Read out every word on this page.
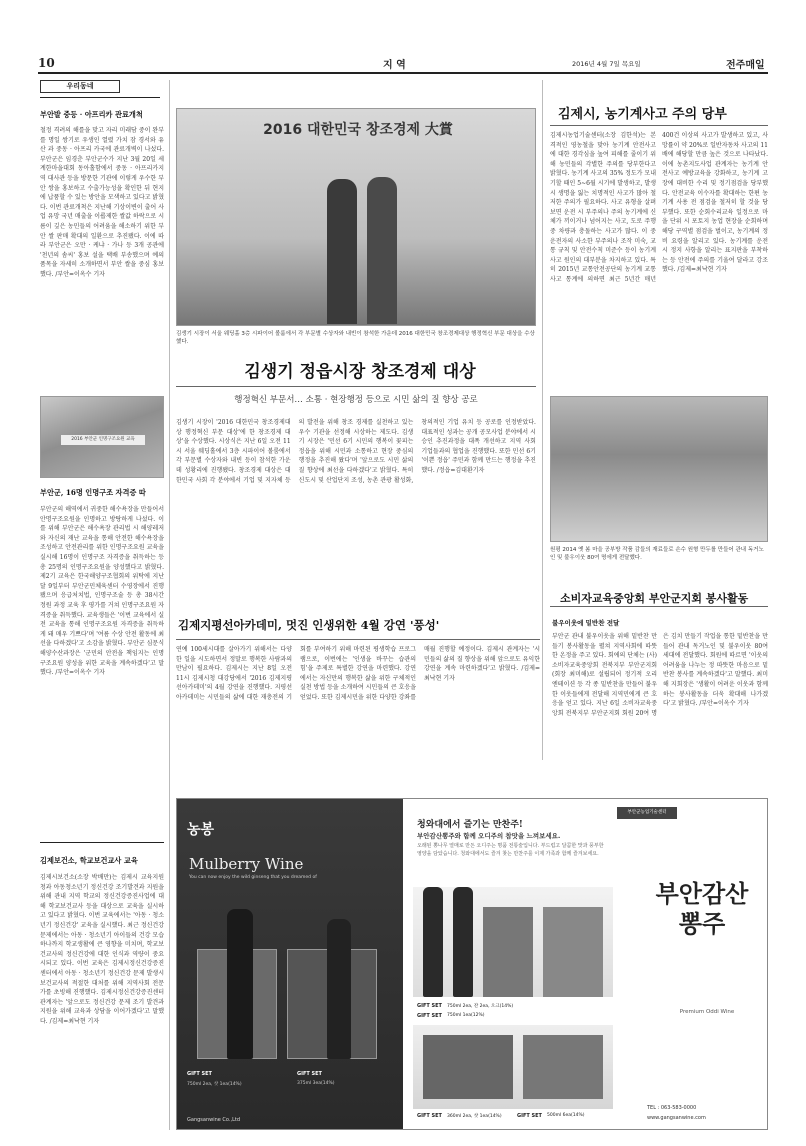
10	지 역	2016년 4월 7일 목요일	전주매일
우리동네
부안발 중등 · 아프리카 관료개척
철정 격려의 해를을 맞고 자리 미래담 중이 완부를 명일 쌍기로 우생인 열렸 가치 잠 경서와 유산 과 중동 · 아프리 카국에 관료개벽이 나섰다. 부안군은 임경춘 부안군수가 지난 3월 20일 세계한마을대회 동아홀함에서 중동 · 아프리카지역 대사관 등을 방문한 기관에 이렇게 우수한 부안 쌍을 홍보하고 수출가능성을 확인한 뒤 현지에 납품할 수 있는 방안을 모색하고 있다고 밝혔다. 이번 관료개척은 지난해 기상이변이 출어 사업 유망 국년 매출을 이룹제한 쌀값 하락으로 시름이 깊은 농민들의 어려움을 해소하기 위한 부안 쌀 판매 확대의 일환으로 추진됐다. 이에 따라 부안군은 오만 · 케냐 · 가나 등 3개 공관에 '천년의 솜씨' 홍보 설을 택배 부송했으며 예의품목을 자세히 소개하면서 부안 쌀을 중심 홍보했다. /부안=이옥수 기자
2016 부안군 인명구조요원 교육
부안군, 16명 인명구조 자격증 따
부안군의 해역에서 귀중한 해수욕장을 만들어서 안명구조요원을 인명하고 방탕하게 나섰다. 이를 위해 부안군은 해수욕장 관리법 시 해양레저와 자신의 재난 교육을 통해 안전한 해수욕장을 조성하고 안전관리를 위한 인명구조요원 교육을 실시해 16명이 인명구조 자격증을 취득하는 등 총 25명의 인명구조요원을 양성했다고 밝혔다. 제2기 교육은 한국해양구조협회의 위탁에 지난달 9일부터 부안군민체육센터 수영장에서 진행됐으며 응급처치법, 인명구조술 등 총 38시간 정원 과정 교육 후 평가를 거쳐 인명구조요원 자격증을 취득했다. 교육생들은 '이번 교육에서 실전 교육을 통해 인명구조요원 자격증을 취득하게 돼 매우 기쁘다'며 '여름 수상 안전 활동에 최선을 다하겠다'고 소감을 밝혔다. 부안군 심문식 해양수산과장은 '군민의 안전을 책임지는 인명구조요원 양성을 위한 교육을 계속하겠다'고 말했다. /부안=이옥수 기자
김제보건소, 학교보건교사 교육
김제시보건소(소장 박배만)는 김제시 교육지원청과 아동청소년기 정신건강 조기발견과 지원을 위해 관내 지역 학교의 정신건강증진사업에 대해 학교보건교사 등을 대상으로 교육을 실시하고 있다고 밝혔다. 이번 교육에서는 '아동 · 청소년기 정신건강' 교육을 실시했다. 최근 정신건강문제에서는 아동 · 청소년기 아이들의 건강 모습 하나까지 학교생활에 큰 영향을 미치며, 학교보건교사의 정신건강에 대한 인식과 역량이 중요시되고 있다. 이번 교육은 김제시정신건강증진센터에서 아동 · 청소년기 정신건강 문제 발생시 보건교사의 적절한 대처를 위해 지역사회 전문가를 초빙해 진행했다. 김제시정신건강증진센터 관계자는 '앞으로도 정신건강 문제 조기 발견과 지원을 위해 교육과 상담을 이어가겠다'고 말했다. /김제=최낙현 기자
2016 대한민국 창조경제 大賞
김생기 시장이 서울 웨딩홀 3층 시파이어 볼룸에서 각 부문별 수상자와 내빈이 참석한 가운데 2016 대한민국 창조경제대상 행정혁신 부문 대상을 수상했다.
김생기 정읍시장 창조경제 대상
행정혁신 부문서… 소통 · 현장행정 등으로 시민 삶의 질 향상 공로
김생기 시장이 '2016 대한민국 창조경제대상 행정혁신 부문 대상'에 한 창조경제 대상'을 수상했다. 시상식은 지난 6일 오전 11시 서울 웨딩홀에서 3층 시파이어 볼룸에서 각 부문별 수상자와 내빈 등이 참석한 가운데 성황리에 진행됐다. 창조경제 대상은 대한민국 사회 각 분야에서 기업 및 지자체 등의 발전을 위해 창조 경제를 실천하고 있는 우수 기관을 선정해 시상하는 제도다. 김생기 시장은 '민선 6기 시민의 행복이 꽃피는 정읍을 위해 시민과 소통하고 현장 중심의 행정을 추진해 왔다'며 '앞으로도 시민 삶의 질 향상에 최선을 다하겠다'고 밝혔다. 특히 신도시 및 산업단지 조성, 농촌 관광 활성화, 창의적인 기업 유치 등 공로를 인정받았다. 대표적인 성과는 공개 공모사업 분야에서 시 승인 추진과정을 대폭 개선하고 지역 사회 기업들과의 협업을 진행했다. 또한 민선 6기 '이쁜 정읍' 주민과 함께 만드는 행정을 추진했다. /정읍=김대환기자
김제시, 농기계사고 주의 당부
김제시농업기술센터(소장 김한석)는 본격적인 영농철을 맞아 농기계 안전사고에 대한 경각심을 높여 피해를 줄이기 위해 농민들의 각별한 주의를 당부한다고 밝혔다. 농기계 사고의 35% 정도가 모내기할 때인 5~6월 시기에 발생하고, 발생시 생명을 잃는 치명적인 사고가 많아 철저한 주의가 필요하다. 사고 유형을 살펴보면 운전 시 부주의나 주의 농기계에 신체가 끼이거나 넘어지는 사고, 도로 주행 중 차량과 충돌하는 사고가 많다. 이 중 운전자의 사소한 부주의나 조작 미숙, 교통 규칙 및 안전수칙 미준수 등이 농기계 사고 원인의 대부분을 차지하고 있다. 특히 2015년 교통안전공단의 농기계 교통사고 통계에 의하면 최근 5년간 매년 400건 이상의 사고가 발생하고 있고, 사망률이 약 20%로 일반자동차 사고의 11배에 해당할 만큼 높은 것으로 나타났다. 이에 농촌지도사업 관계자는 농기계 안전사고 예방교육을 강화하고, 농기계 고장에 대비한 수리 및 정기점검을 당부했다. 안전교육 이수자를 확대하는 한편 농기계 사용 전 점검을 철저히 할 것을 당부했다. 또한 순회수리교육 일정으로 마을 단위 시 포토지 농업 현장을 순회하며 해당 구역별 점검을 벌이고, 농기계의 정비 요령을 알리고 있다. 농기계를 운전 시 정지 사항을 알리는 표지판을 부착하는 등 안전에 주의를 기울여 달라고 강조했다. /김제=최낙현 기자
원평 2014 옛 봄 마을 공부방 작품 감들의 재료들로 손수 원형 만두를 만들어 관내 독거노인 및 불우이웃 80여 명에게 전달했다.
소비자교육중앙회 부안군지회 봉사활동
김제지평선아카데미, 멋진 인생위한 4월 강연 '풍성'
연예 100세시대를 살아가기 위해서는 다양한 일을 시도하면서 정말로 행복한 사람과의 만남이 필요하다. 김제시는 지난 8일 오전 11시 김제시청 대강당에서 '2016 김제지평선아카데미'의 4월 강연을 진행했다. 지평선아카데미는 시민들의 삶에 대한 재충전의 기회를 부여하기 위해 마련된 평생학습 프로그램으로, 이번에는 '인생을 바꾸는 습관의 힘'을 주제로 특별한 강연을 마련했다. 강연에서는 자신만의 행복한 삶을 위한 구체적인 실천 방법 등을 소개하여 시민들의 큰 호응을 얻었다. 또한 김제시민을 위한 다양한 강좌를 매월 진행할 예정이다. 김제시 관계자는 '시민들의 삶의 질 향상을 위해 앞으로도 유익한 강연을 계속 마련하겠다'고 밝혔다. /김제=최낙현 기자
불우이웃에 밑반찬 전달
부안군 관내 불우이웃을 위해 밑반찬 만들기 봉사활동을 펼쳐 지역사회에 따뜻한 온정을 주고 있다. 회에의 단체는 (사)소비자교육중앙회 전북지부 부안군지회(회장 최미해)로 설립되어 정기적 오리엔테이션 등 각 종 밑반찬을 만들어 불우한 이웃들에게 전달해 지역민에게 큰 호응을 얻고 있다. 지난 6일 소비자교육중앙회 전북지부 부안군지회 회원 20여 명은 김치 만들기 작업을 통한 밑반찬을 만들어 관내 독거노인 및 불우이웃 80여 세대에 전달했다. 회원에 따르면 '이웃의 어려움을 나누는 정 따뜻한 마음으로 밑반찬 봉사를 계속하겠다'고 말했다. 최미해 지회장은 '생활이 어려운 이웃과 함께하는 봉사활동을 더욱 확대해 나가겠다'고 밝혔다. /부안=이옥수 기자
농봉
Mulberry Wine
You can now enjoy the wild ginseng that you dreamed of
GIFT SET
750ml 2ea, 찻 1ea(14%)
GIFT SET
375ml 3ea(14%)
Gangsanwine Co.,Ltd
청와대에서 즐기는 만찬주!
부안감산뽕주와 함께 오디주의 참맛을 느껴보세요.
오래된 뽕나무 열매로 만든 오디주는 명품 전통술입니다. 부드럽고 달콤한 맛과 풍부한 영양을 담았습니다. 청와대에서도 즐겨 찾는 만찬주를 이제 가족과 함께 즐겨보세요.
부안군농업기술센터
GIFT SET 750ml 2ea, 잔 2ea, 오크(14%)
GIFT SET 750ml 1ea(12%)
GIFT SET 360ml 2ea, 찻 1ea(14%)	GIFT SET 500ml 6ea(14%)
부안감산뽕주
Premium Oddi Wine
TEL : 063-583-0000
www.gangsanwine.com
